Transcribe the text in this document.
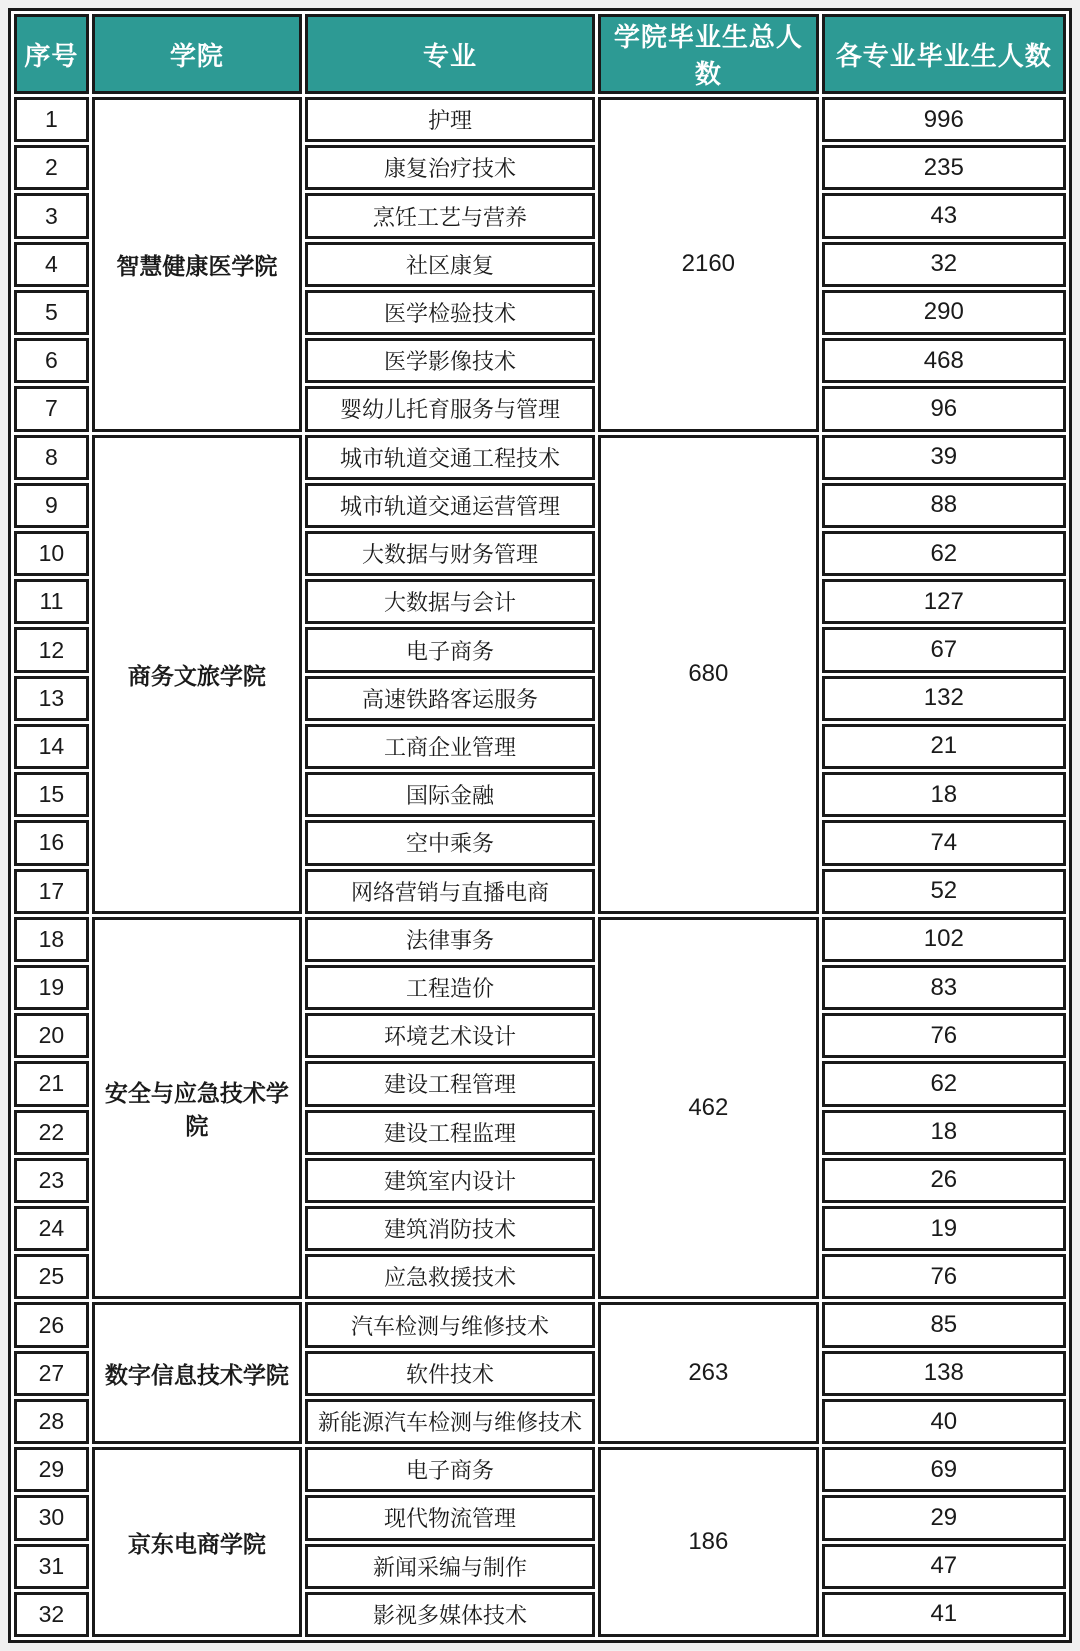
序号	学院	专业	学院毕业生总人数	各专业毕业生人数
1	智慧健康医学院	护理	2160	996
2		康复治疗技术		235
3		烹饪工艺与营养		43
4		社区康复		32
5		医学检验技术		290
6		医学影像技术		468
7		婴幼儿托育服务与管理		96
8	商务文旅学院	城市轨道交通工程技术	680	39
9		城市轨道交通运营管理		88
10		大数据与财务管理		62
11		大数据与会计		127
12		电子商务		67
13		高速铁路客运服务		132
14		工商企业管理		21
15		国际金融		18
16		空中乘务		74
17		网络营销与直播电商		52
18	安全与应急技术学院	法律事务	462	102
19		工程造价		83
20		环境艺术设计		76
21		建设工程管理		62
22		建设工程监理		18
23		建筑室内设计		26
24		建筑消防技术		19
25		应急救援技术		76
26	数字信息技术学院	汽车检测与维修技术	263	85
27		软件技术		138
28		新能源汽车检测与维修技术		40
29	京东电商学院	电子商务	186	69
30		现代物流管理		29
31		新闻采编与制作		47
32		影视多媒体技术		41
